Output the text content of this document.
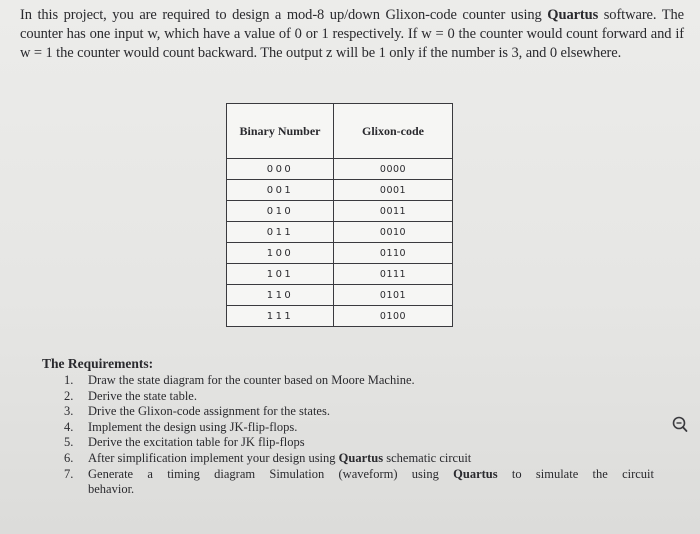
In this project, you are required to design a mod-8 up/down Glixon-code counter using Quartus software. The counter has one input w, which have a value of 0 or 1 respectively. If w = 0 the counter would count forward and if w = 1 the counter would count backward. The output z will be 1 only if the number is 3, and 0 elsewhere.
Binary Number	Glixon-code
000	0000
001	0001
010	0011
011	0010
100	0110
101	0111
110	0101
111	0100
The Requirements:
1.	Draw the state diagram for the counter based on Moore Machine.
2.	Derive the state table.
3.	Drive the Glixon-code assignment for the states.
4.	Implement the design using JK-flip-flops.
5.	Derive the excitation table for JK flip-flops
6.	After simplification implement your design using Quartus schematic circuit
7.	Generate a timing diagram Simulation (waveform) using Quartus to simulate the circuit
behavior.
